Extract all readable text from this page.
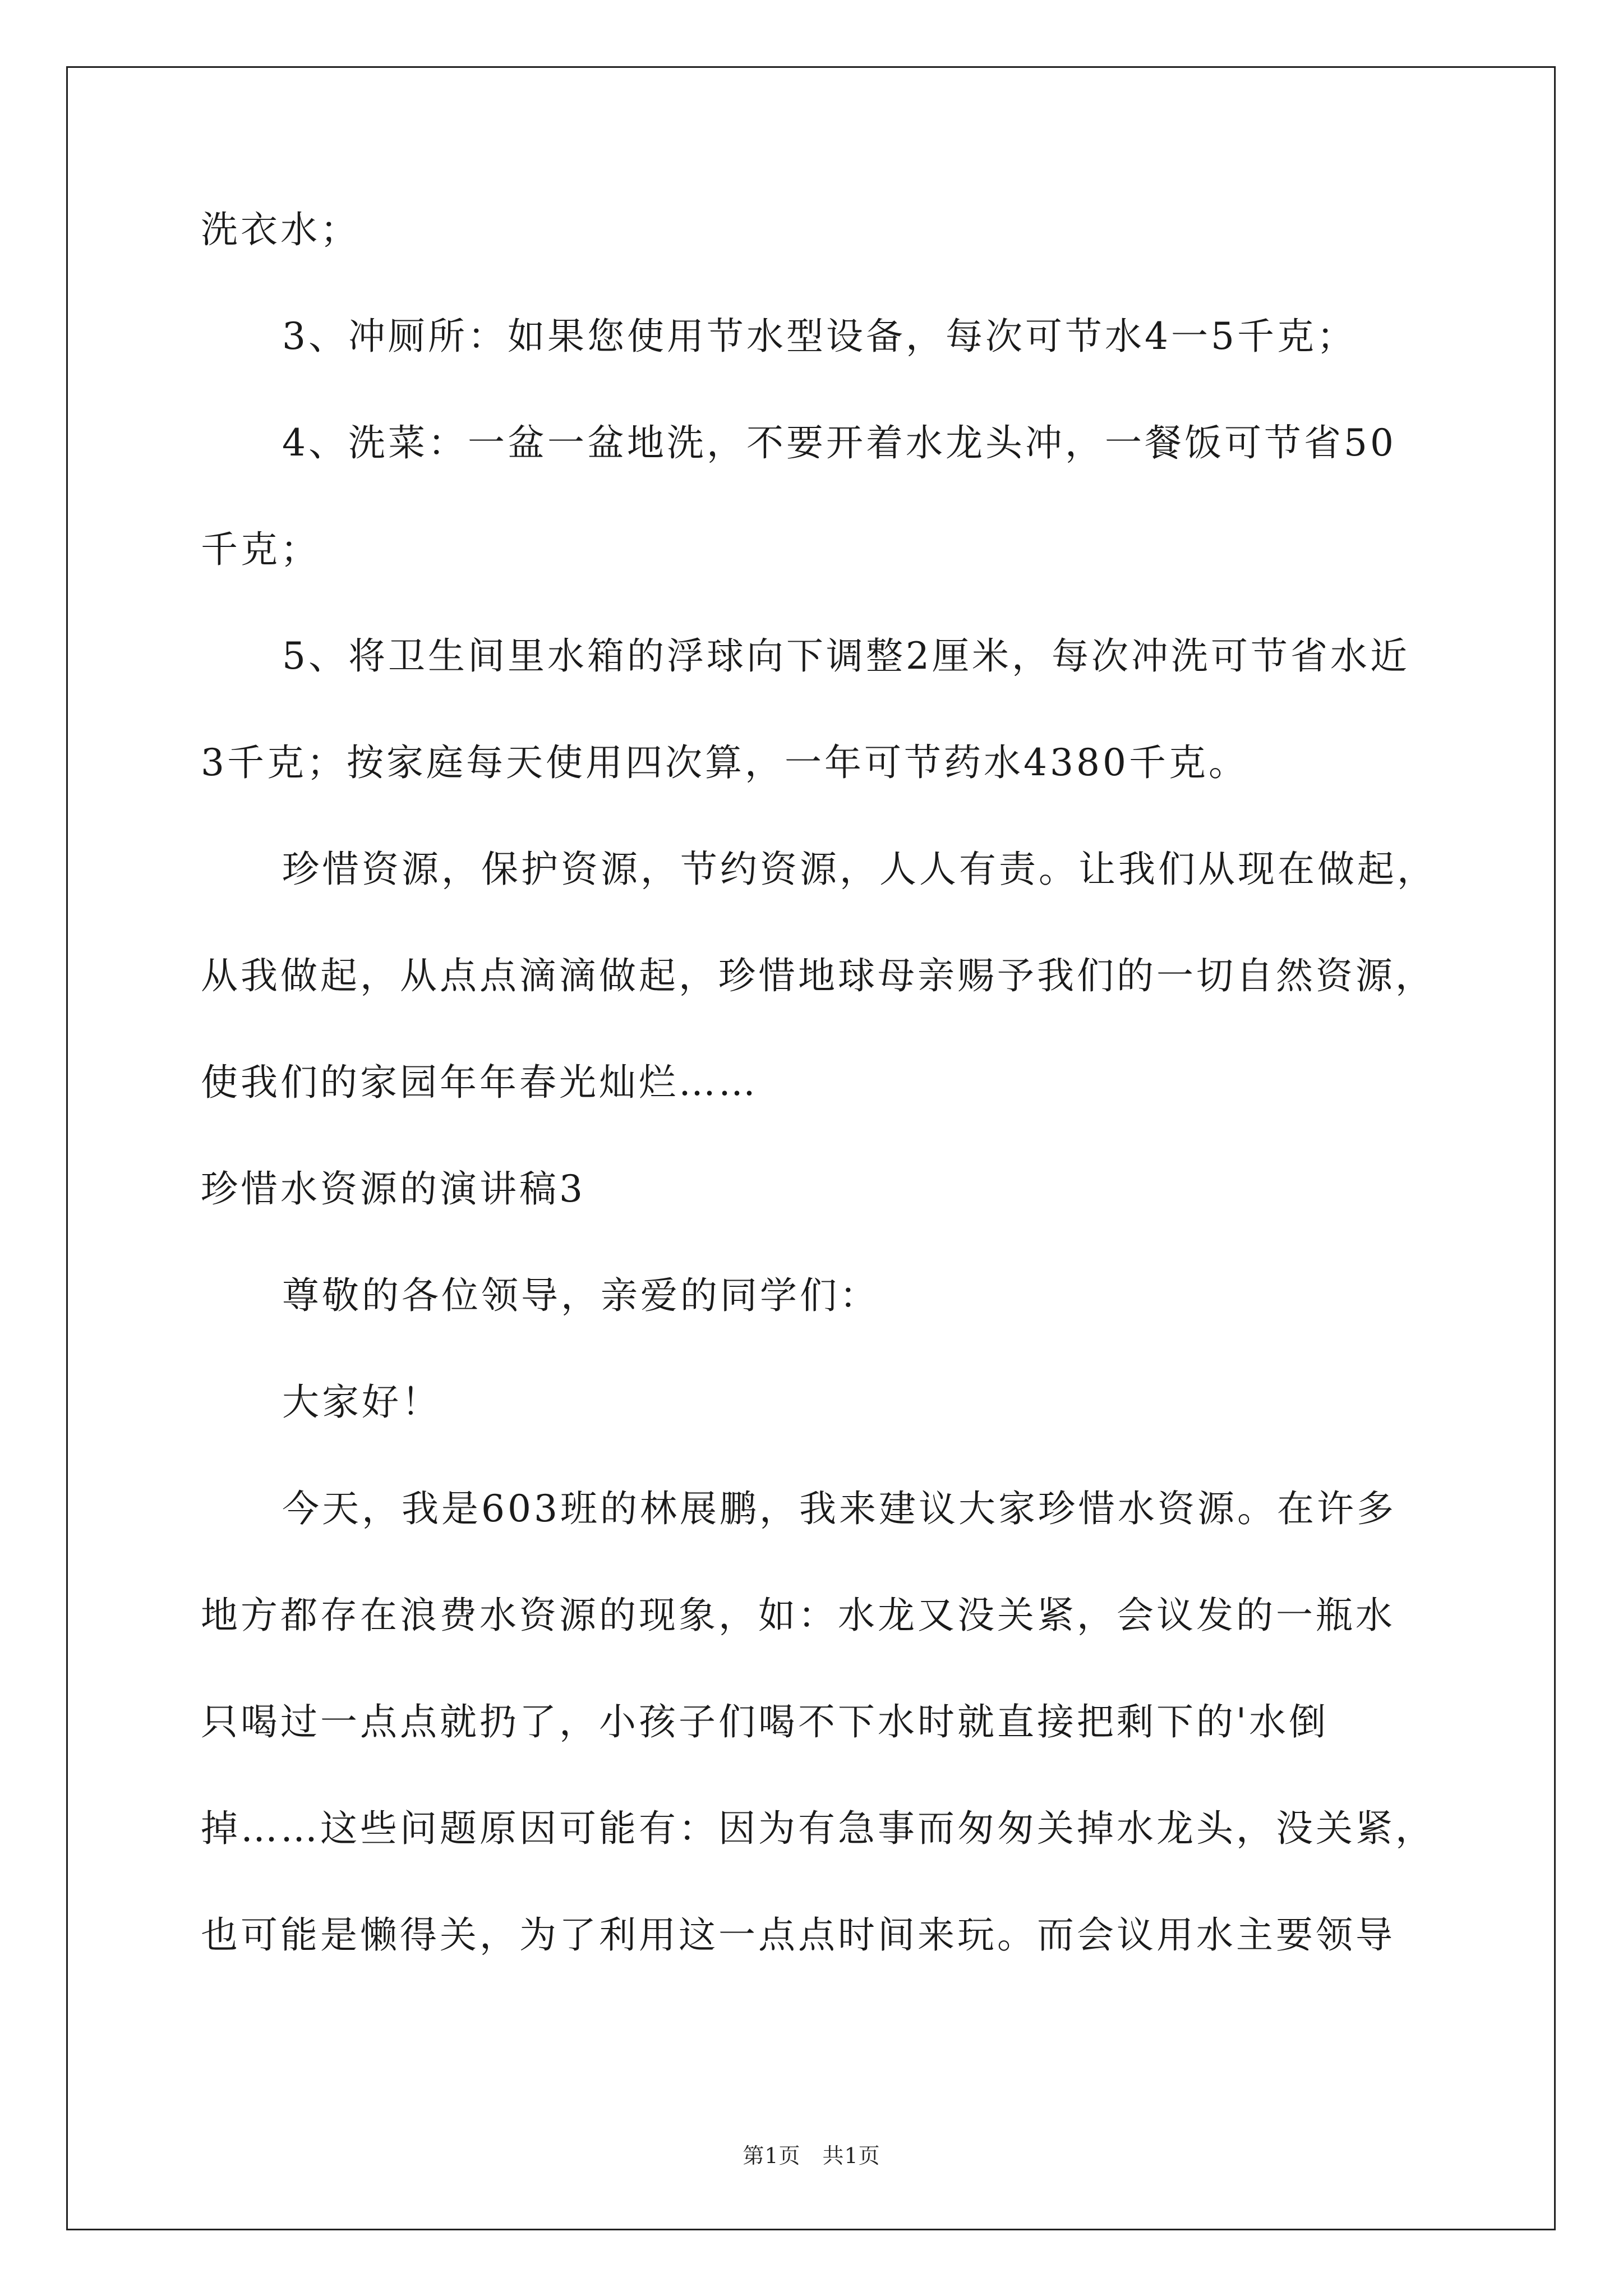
洗衣水；
3、冲厕所：如果您使用节水型设备，每次可节水4一5千克；
4、洗菜：一盆一盆地洗，不要开着水龙头冲，一餐饭可节省50
千克；
5、将卫生间里水箱的浮球向下调整2厘米，每次冲洗可节省水近
3千克；按家庭每天使用四次算，一年可节药水4380千克。
珍惜资源，保护资源，节约资源，人人有责。让我们从现在做起，
从我做起，从点点滴滴做起，珍惜地球母亲赐予我们的一切自然资源，
使我们的家园年年春光灿烂……
珍惜水资源的演讲稿3
尊敬的各位领导，亲爱的同学们：
大家好！
今天，我是603班的林展鹏，我来建议大家珍惜水资源。在许多
地方都存在浪费水资源的现象，如：水龙又没关紧，会议发的一瓶水
只喝过一点点就扔了，小孩子们喝不下水时就直接把剩下的'水倒
掉……这些问题原因可能有：因为有急事而匆匆关掉水龙头，没关紧，
也可能是懒得关，为了利用这一点点时间来玩。而会议用水主要领导
第1页　共1页
